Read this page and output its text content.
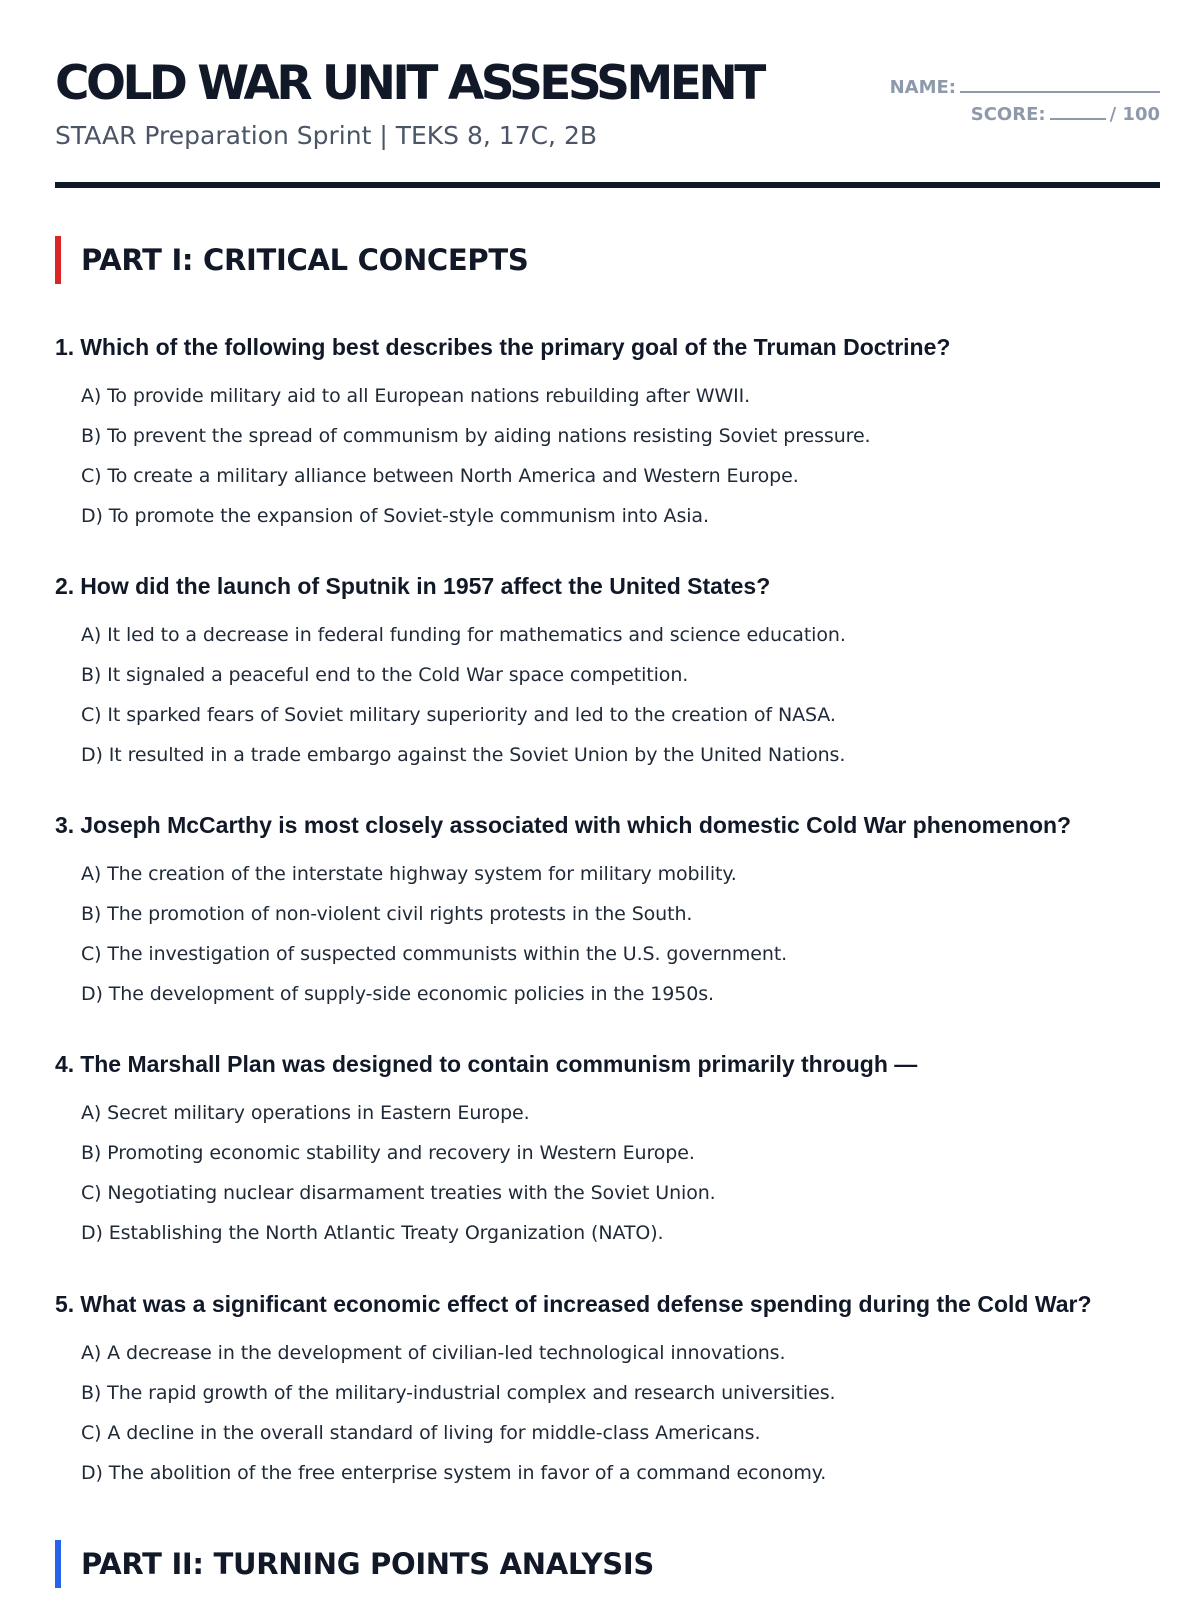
COLD WAR UNIT ASSESSMENT

STAAR Preparation Sprint | TEKS 8, 17C, 2B

NAME:
SCORE:	/ 100
PART I: CRITICAL CONCEPTS

1. Which of the following best describes the primary goal of the Truman Doctrine?

A) To provide military aid to all European nations rebuilding after WWII.
B) To prevent the spread of communism by aiding nations resisting Soviet pressure.
C) To create a military alliance between North America and Western Europe.
D) To promote the expansion of Soviet-style communism into Asia.

2. How did the launch of Sputnik in 1957 affect the United States?

A) It led to a decrease in federal funding for mathematics and science education.
B) It signaled a peaceful end to the Cold War space competition.
C) It sparked fears of Soviet military superiority and led to the creation of NASA.
D) It resulted in a trade embargo against the Soviet Union by the United Nations.

3. Joseph McCarthy is most closely associated with which domestic Cold War phenomenon?

A) The creation of the interstate highway system for military mobility.
B) The promotion of non-violent civil rights protests in the South.
C) The investigation of suspected communists within the U.S. government.
D) The development of supply-side economic policies in the 1950s.

4. The Marshall Plan was designed to contain communism primarily through —

A) Secret military operations in Eastern Europe.
B) Promoting economic stability and recovery in Western Europe.
C) Negotiating nuclear disarmament treaties with the Soviet Union.
D) Establishing the North Atlantic Treaty Organization (NATO).

5. What was a significant economic effect of increased defense spending during the Cold War?

A) A decrease in the development of civilian-led technological innovations.
B) The rapid growth of the military-industrial complex and research universities.
C) A decline in the overall standard of living for middle-class Americans.
D) The abolition of the free enterprise system in favor of a command economy.
PART II: TURNING POINTS ANALYSIS
